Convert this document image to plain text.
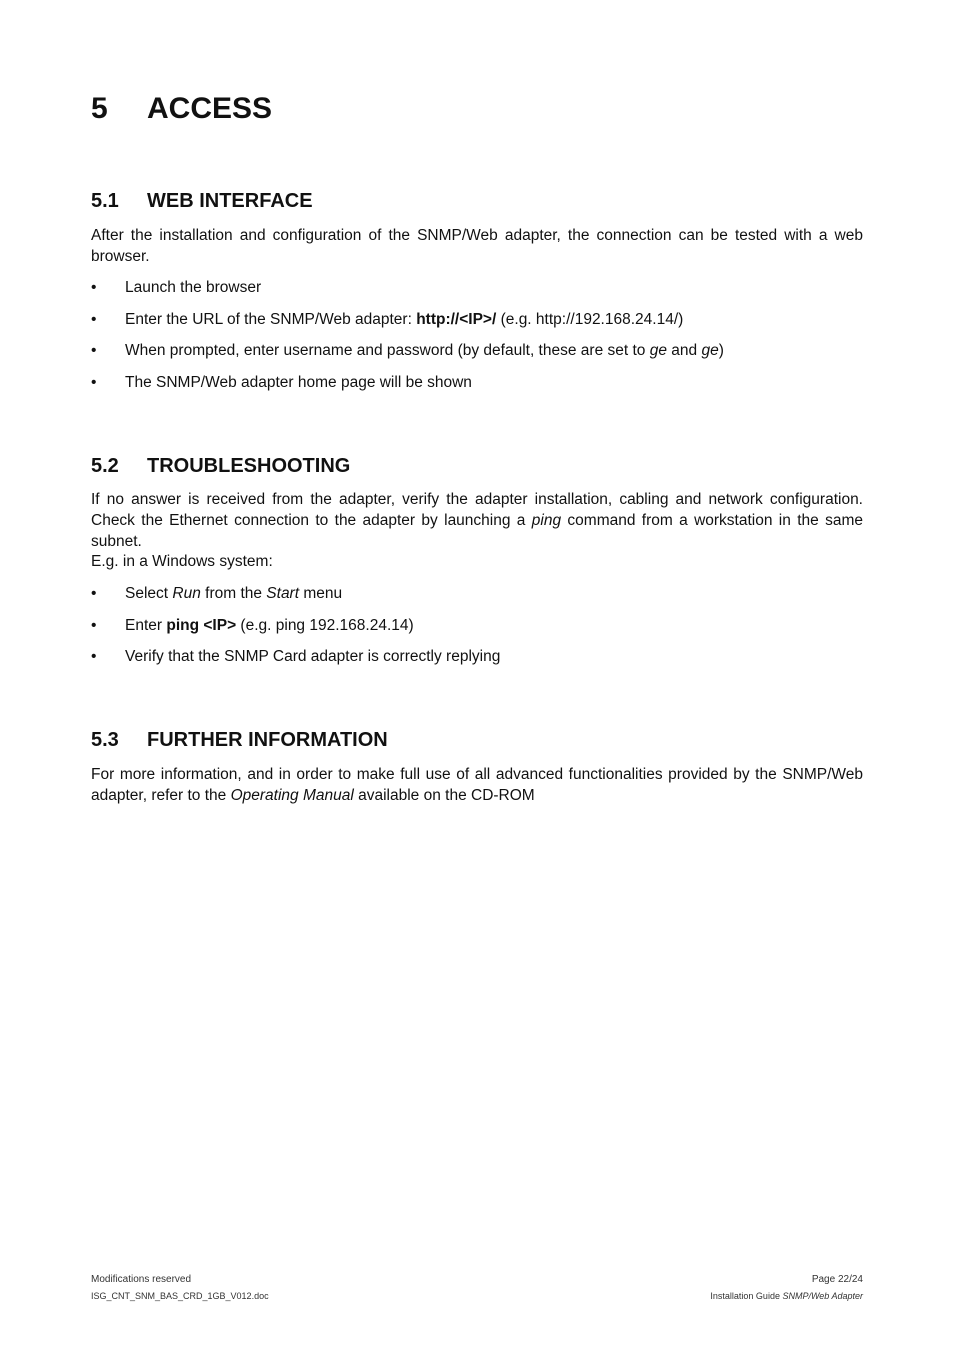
5	ACCESS
5.1	WEB INTERFACE
After the installation and configuration of the SNMP/Web adapter, the connection can be tested with a web browser.
• Launch the browser
• Enter the URL of the SNMP/Web adapter: http://<IP>/ (e.g. http://192.168.24.14/)
• When prompted, enter username and password (by default, these are set to ge and ge)
• The SNMP/Web adapter home page will be shown
5.2	TROUBLESHOOTING
If no answer is received from the adapter, verify the adapter installation, cabling and network configuration. Check the Ethernet connection to the adapter by launching a ping command from a workstation in the same subnet.
E.g. in a Windows system:
• Select Run from the Start menu
• Enter ping <IP> (e.g. ping 192.168.24.14)
• Verify that the SNMP Card adapter is correctly replying
5.3	FURTHER INFORMATION
For more information, and in order to make full use of all advanced functionalities provided by the SNMP/Web adapter, refer to the Operating Manual available on the CD-ROM
Modifications reserved	Page 22/24
ISG_CNT_SNM_BAS_CRD_1GB_V012.doc	Installation Guide SNMP/Web Adapter
